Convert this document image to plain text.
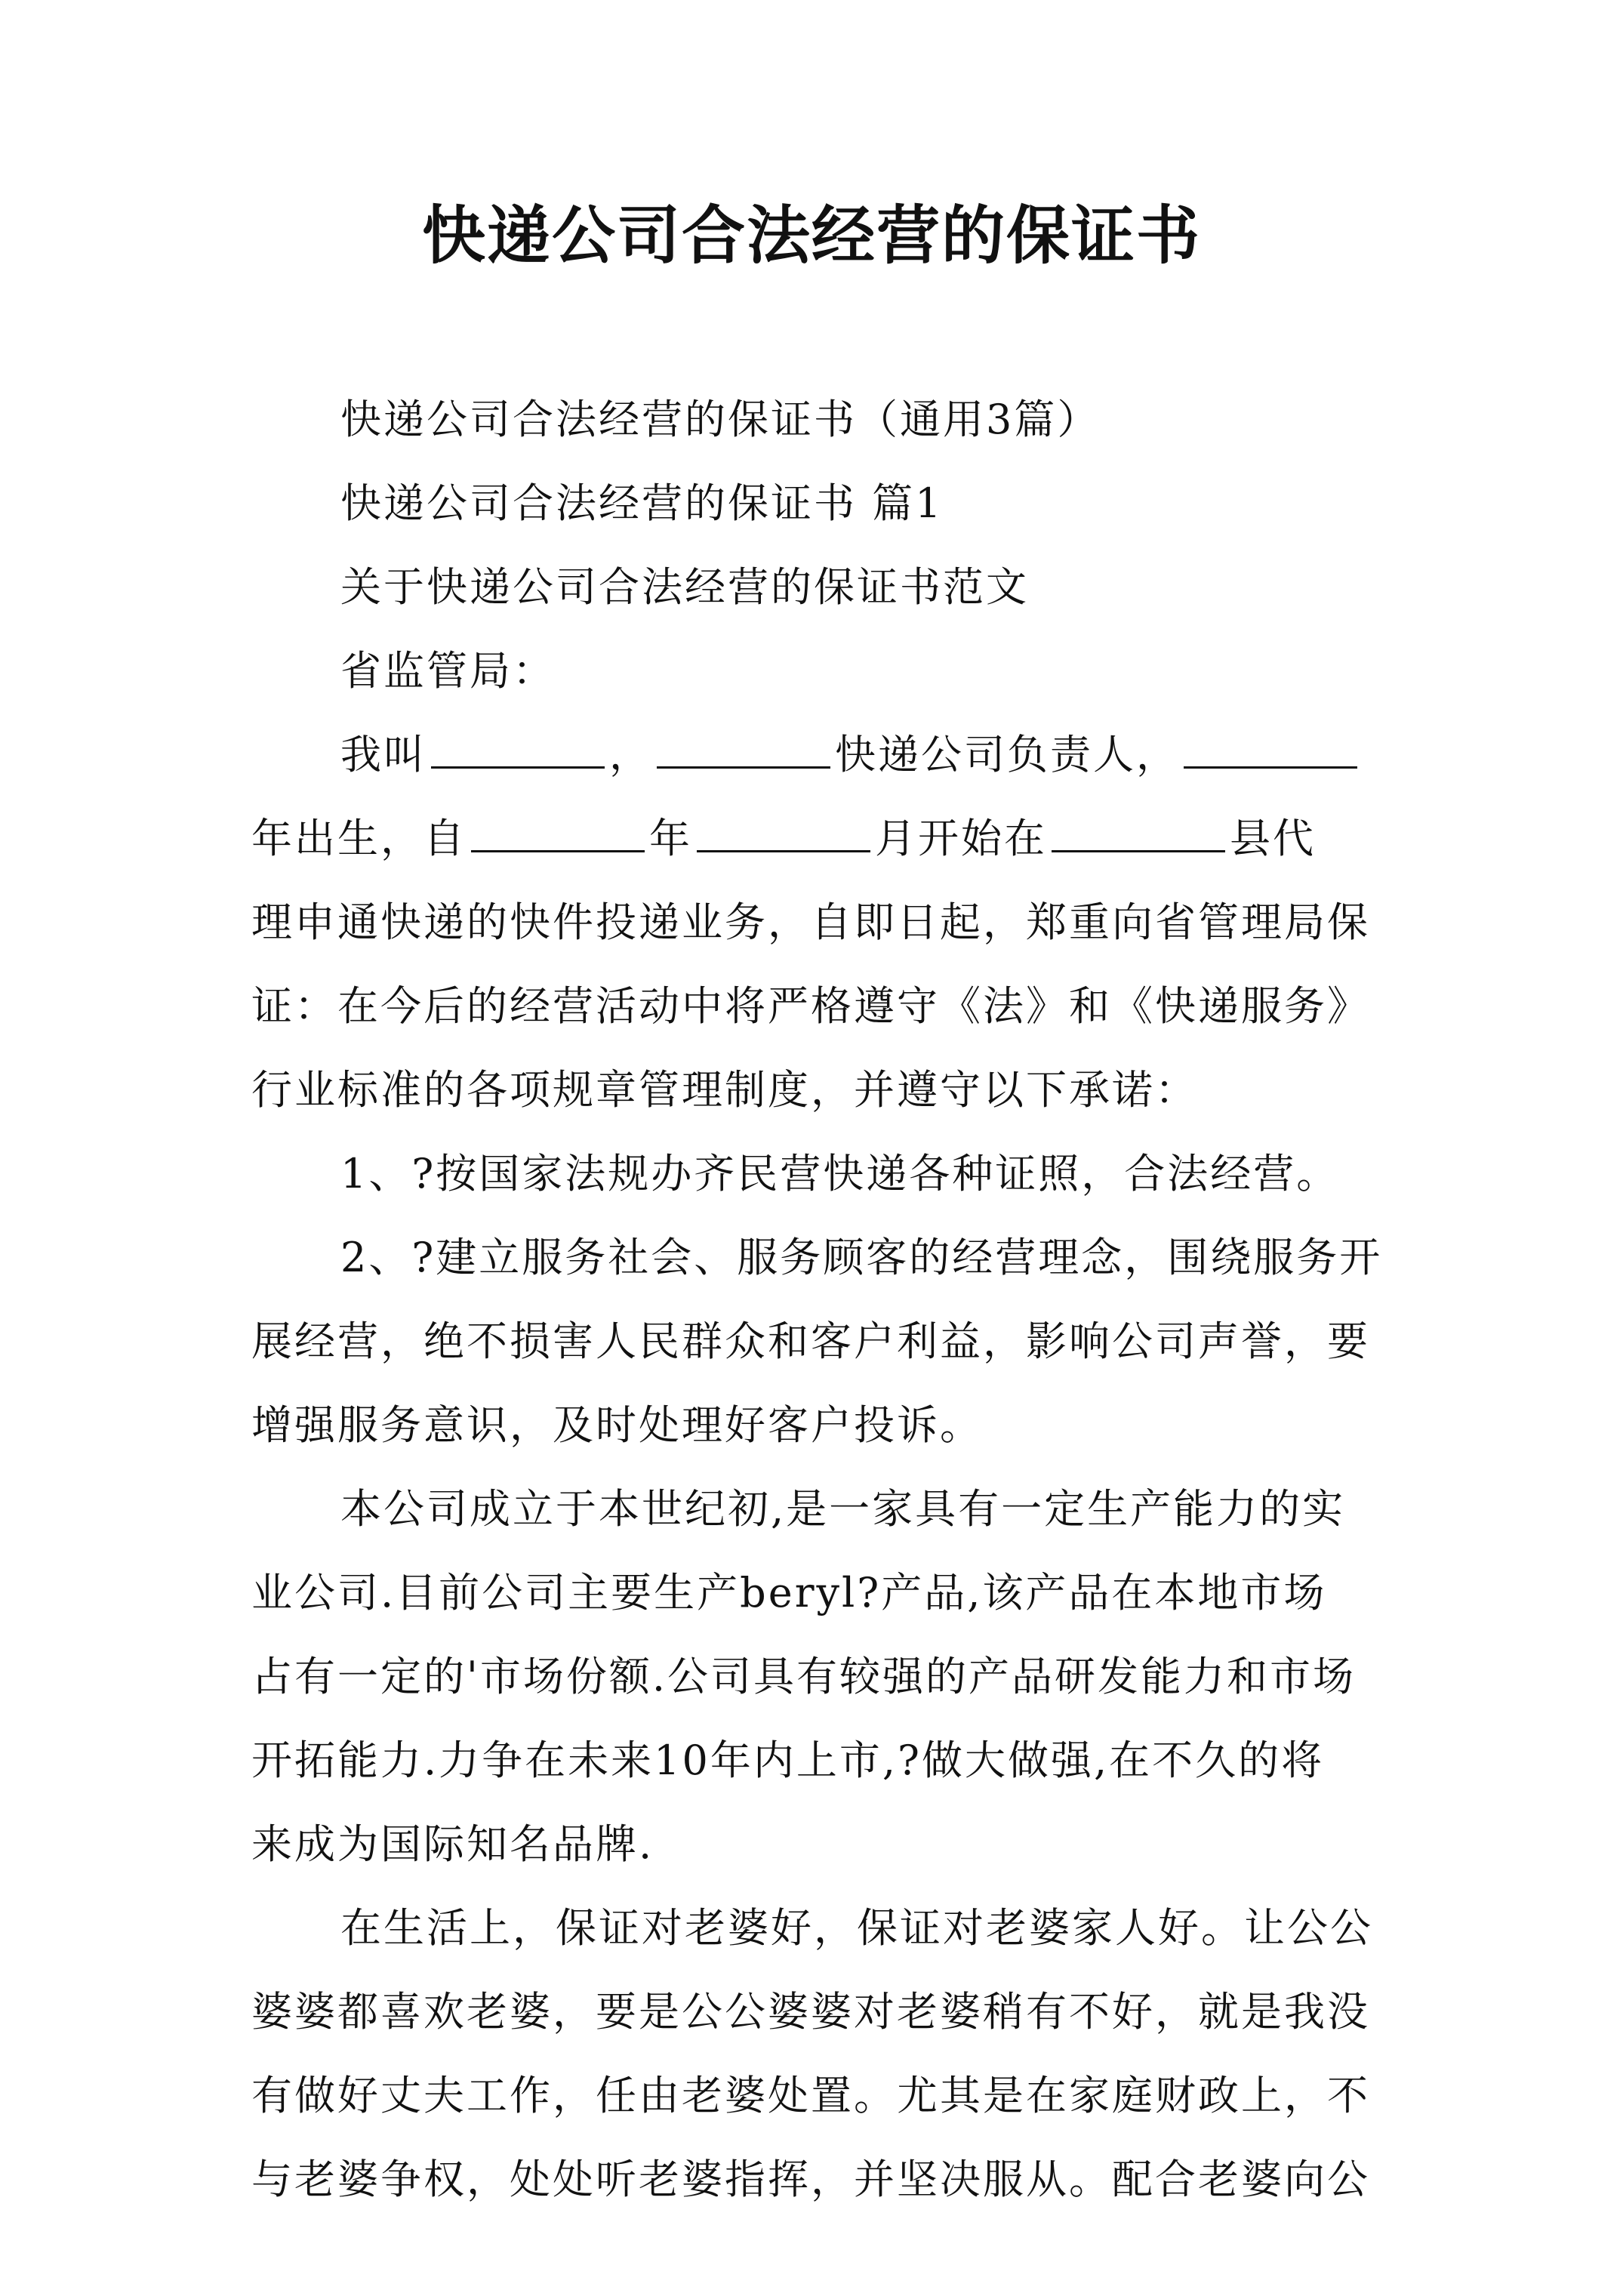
快递公司合法经营的保证书
快递公司合法经营的保证书（通用3篇）
快递公司合法经营的保证书 篇1
关于快递公司合法经营的保证书范文
省监管局：
我叫	，	快递公司负责人，
年出生，自	年	月开始在	县代
理申通快递的快件投递业务，自即日起，郑重向省管理局保
证：在今后的经营活动中将严格遵守《法》和《快递服务》
行业标准的各项规章管理制度，并遵守以下承诺：
1、?按国家法规办齐民营快递各种证照，合法经营。
2、?建立服务社会、服务顾客的经营理念，围绕服务开
展经营，绝不损害人民群众和客户利益，影响公司声誉，要
增强服务意识，及时处理好客户投诉。
本公司成立于本世纪初,是一家具有一定生产能力的实
业公司.目前公司主要生产beryl?产品,该产品在本地市场
占有一定的'市场份额.公司具有较强的产品研发能力和市场
开拓能力.力争在未来10年内上市,?做大做强,在不久的将
来成为国际知名品牌.
在生活上，保证对老婆好，保证对老婆家人好。让公公
婆婆都喜欢老婆，要是公公婆婆对老婆稍有不好，就是我没
有做好丈夫工作，任由老婆处置。尤其是在家庭财政上，不
与老婆争权，处处听老婆指挥，并坚决服从。配合老婆向公
